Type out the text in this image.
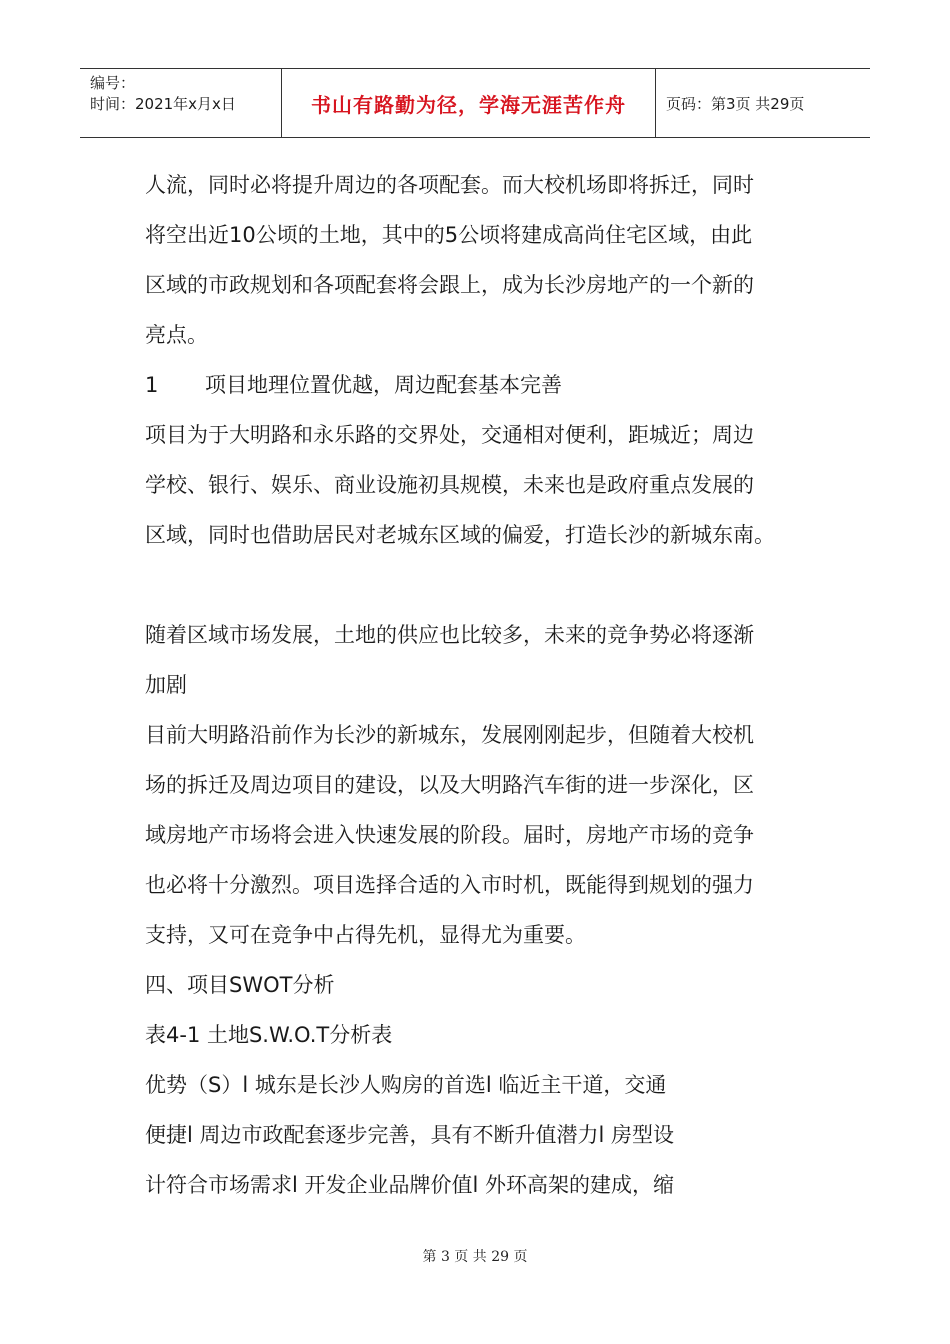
编号：
时间：2021年x月x日	书山有路勤为径，学海无涯苦作舟	页码：第3页 共29页

人流，同时必将提升周边的各项配套。而大校机场即将拆迁，同时

将空出近10公顷的土地，其中的5公顷将建成高尚住宅区域，由此

区域的市政规划和各项配套将会跟上，成为长沙房地产的一个新的

亮点。

1 项目地理位置优越，周边配套基本完善

项目为于大明路和永乐路的交界处，交通相对便利，距城近；周边

学校、银行、娱乐、商业设施初具规模，未来也是政府重点发展的

区域，同时也借助居民对老城东区域的偏爱，打造长沙的新城东南。

随着区域市场发展，土地的供应也比较多，未来的竞争势必将逐渐

加剧

目前大明路沿前作为长沙的新城东，发展刚刚起步，但随着大校机

场的拆迁及周边项目的建设，以及大明路汽车街的进一步深化，区

域房地产市场将会进入快速发展的阶段。届时，房地产市场的竞争

也必将十分激烈。项目选择合适的入市时机，既能得到规划的强力

支持，又可在竞争中占得先机，显得尤为重要。

四、项目SWOT分析

表4-1 土地S.W.O.T分析表

优势（S）l 城东是长沙人购房的首选l 临近主干道，交通

便捷l 周边市政配套逐步完善，具有不断升值潜力l 房型设

计符合市场需求l 开发企业品牌价值l 外环高架的建成，缩

第 3 页 共 29 页
